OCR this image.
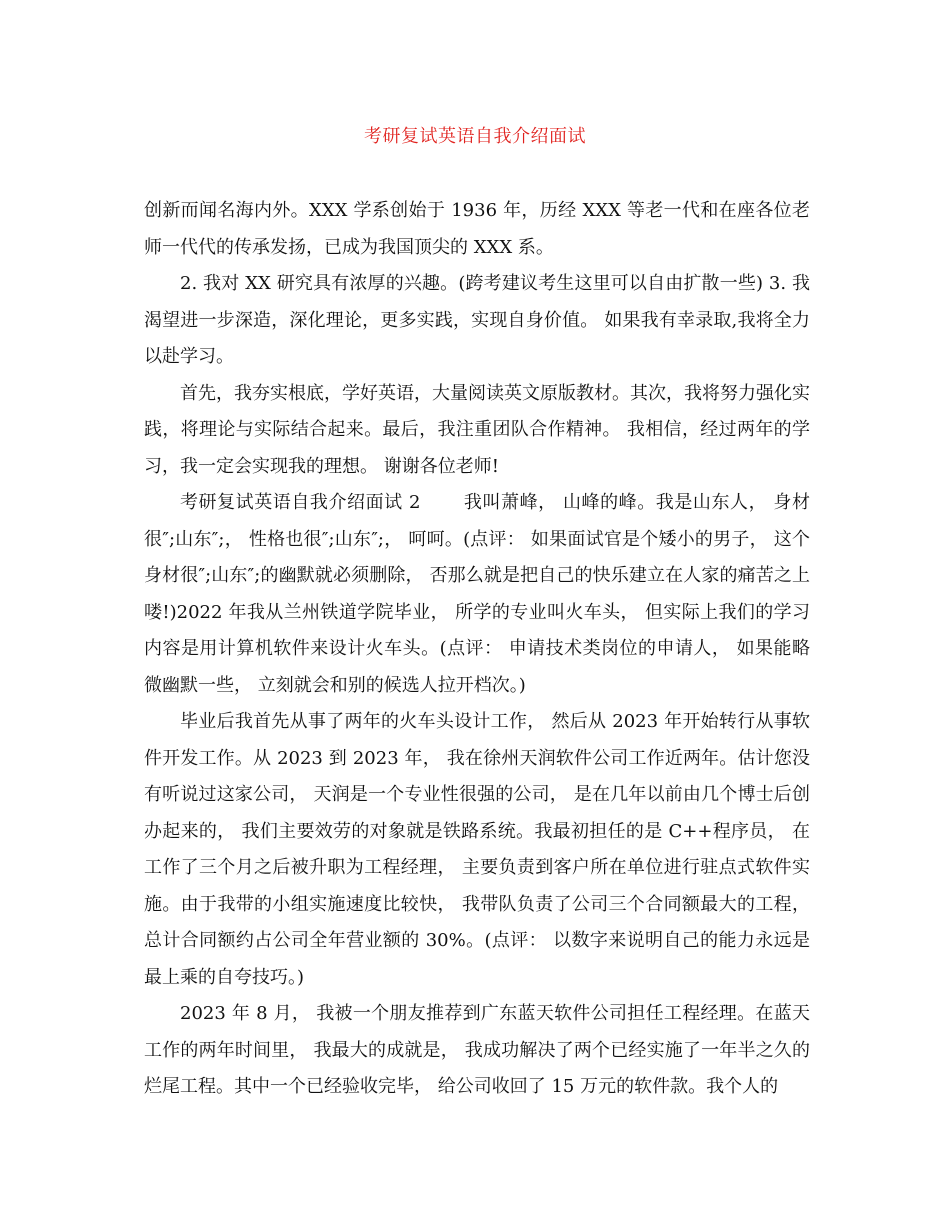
考研复试英语自我介绍面试

创新而闻名海内外。XXX 学系创始于 1936 年，历经 XXX 等老一代和在座各位老师一代代的传承发扬，已成为我国顶尖的 XXX 系。

2. 我对 XX 研究具有浓厚的兴趣。(跨考建议考生这里可以自由扩散一些) 3. 我渴望进一步深造，深化理论，更多实践，实现自身价值。 如果我有幸录取,我将全力以赴学习。

首先，我夯实根底，学好英语，大量阅读英文原版教材。其次，我将努力强化实践，将理论与实际结合起来。最后，我注重团队合作精神。 我相信，经过两年的学习，我一定会实现我的理想。 谢谢各位老师!

考研复试英语自我介绍面试 2 　　我叫萧峰， 山峰的峰。我是山东人， 身材很″;山东″;， 性格也很″;山东″;， 呵呵。(点评： 如果面试官是个矮小的男子， 这个身材很″;山东″;的幽默就必须删除， 否那么就是把自己的快乐建立在人家的痛苦之上喽!)2022 年我从兰州铁道学院毕业， 所学的专业叫火车头， 但实际上我们的学习内容是用计算机软件来设计火车头。(点评： 申请技术类岗位的申请人， 如果能略微幽默一些， 立刻就会和别的候选人拉开档次。)

毕业后我首先从事了两年的火车头设计工作， 然后从 2023 年开始转行从事软件开发工作。从 2023 到 2023 年， 我在徐州天润软件公司工作近两年。估计您没有听说过这家公司， 天润是一个专业性很强的公司， 是在几年以前由几个博士后创办起来的， 我们主要效劳的对象就是铁路系统。我最初担任的是 C++程序员， 在工作了三个月之后被升职为工程经理， 主要负责到客户所在单位进行驻点式软件实施。由于我带的小组实施速度比较快， 我带队负责了公司三个合同额最大的工程， 总计合同额约占公司全年营业额的 30%。(点评： 以数字来说明自己的能力永远是最上乘的自夸技巧。)

2023 年 8 月， 我被一个朋友推荐到广东蓝天软件公司担任工程经理。在蓝天工作的两年时间里， 我最大的成就是， 我成功解决了两个已经实施了一年半之久的烂尾工程。其中一个已经验收完毕， 给公司收回了 15 万元的软件款。我个人的
